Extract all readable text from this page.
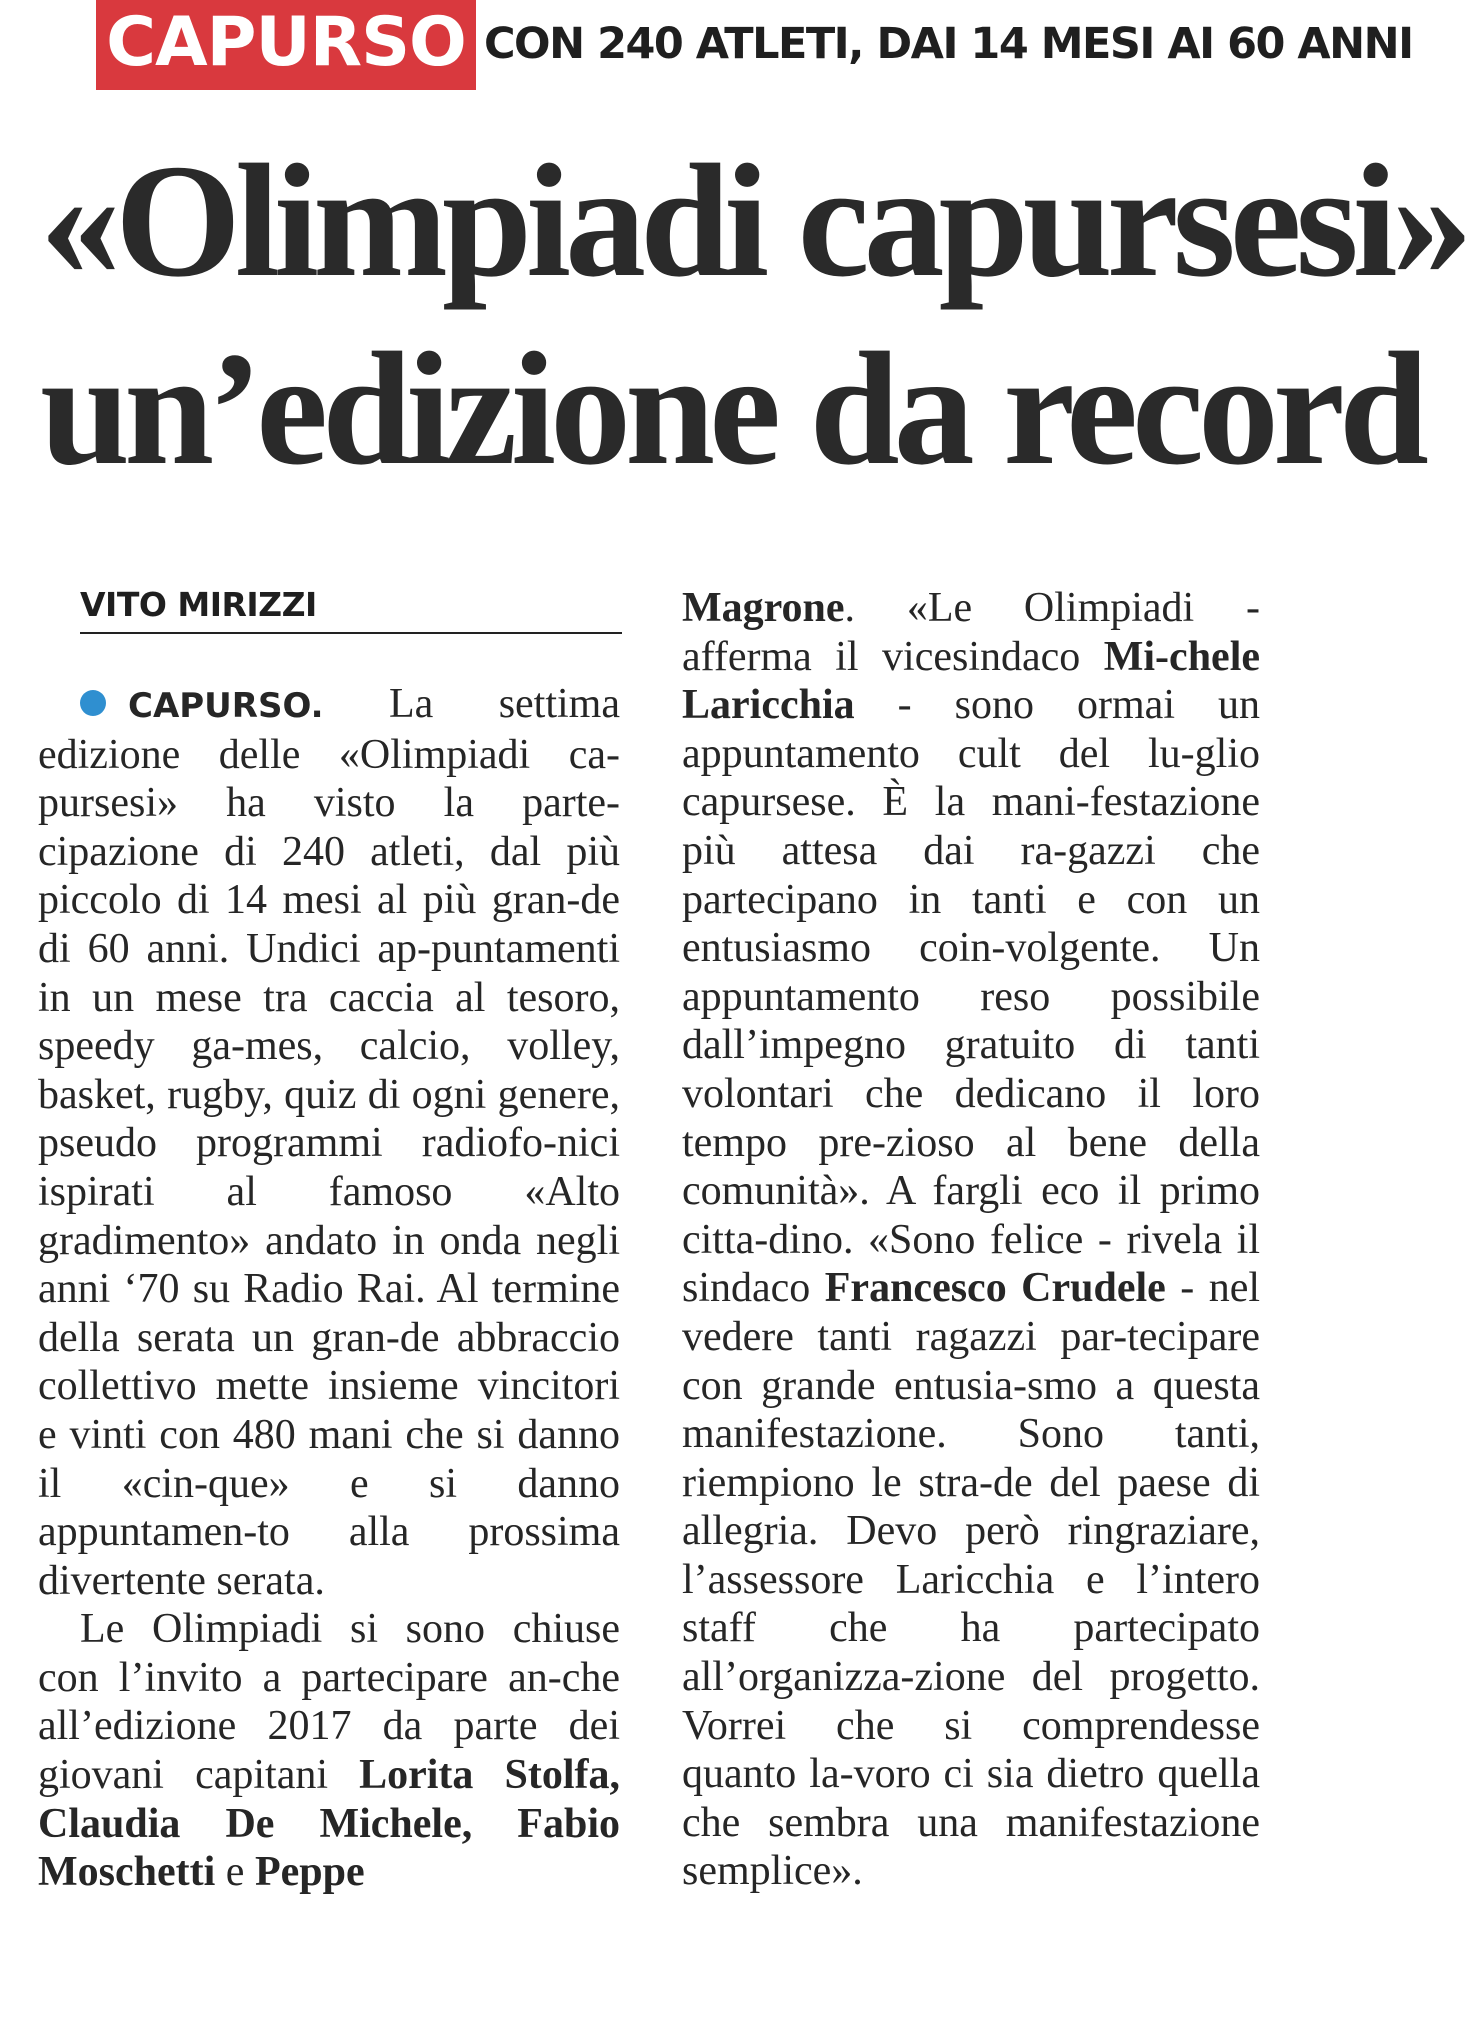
CAPURSO CON 240 ATLETI, DAI 14 MESI AI 60 ANNI
«Olimpiadi capursesi»
un’edizione da record
VITO MIRIZZI

CAPURSO. La settima edizione delle «Olimpiadi ca-pursesi» ha visto la parte-cipazione di 240 atleti, dal più piccolo di 14 mesi al più gran-de di 60 anni. Undici ap-puntamenti in un mese tra caccia al tesoro, speedy ga-mes, calcio, volley, basket, rugby, quiz di ogni genere, pseudo programmi radiofo-nici ispirati al famoso «Alto gradimento» andato in onda negli anni ‘70 su Radio Rai. Al termine della serata un gran-de abbraccio collettivo mette insieme vincitori e vinti con 480 mani che si danno il «cin-que» e si danno appuntamen-to alla prossima divertente serata.

Le Olimpiadi si sono chiuse con l’invito a partecipare an-che all’edizione 2017 da parte dei giovani capitani Lorita Stolfa, Claudia De Michele, Fabio Moschetti e Peppe

Magrone. «Le Olimpiadi - afferma il vicesindaco Mi-chele Laricchia - sono ormai un appuntamento cult del lu-glio capursese. È la mani-festazione più attesa dai ra-gazzi che partecipano in tanti e con un entusiasmo coin-volgente. Un appuntamento reso possibile dall’impegno gratuito di tanti volontari che dedicano il loro tempo pre-zioso al bene della comunità». A fargli eco il primo citta-dino. «Sono felice - rivela il sindaco Francesco Crudele - nel vedere tanti ragazzi par-tecipare con grande entusia-smo a questa manifestazione. Sono tanti, riempiono le stra-de del paese di allegria. Devo però ringraziare, l’assessore Laricchia e l’intero staff che ha partecipato all’organizza-zione del progetto. Vorrei che si comprendesse quanto la-voro ci sia dietro quella che sembra una manifestazione semplice».
